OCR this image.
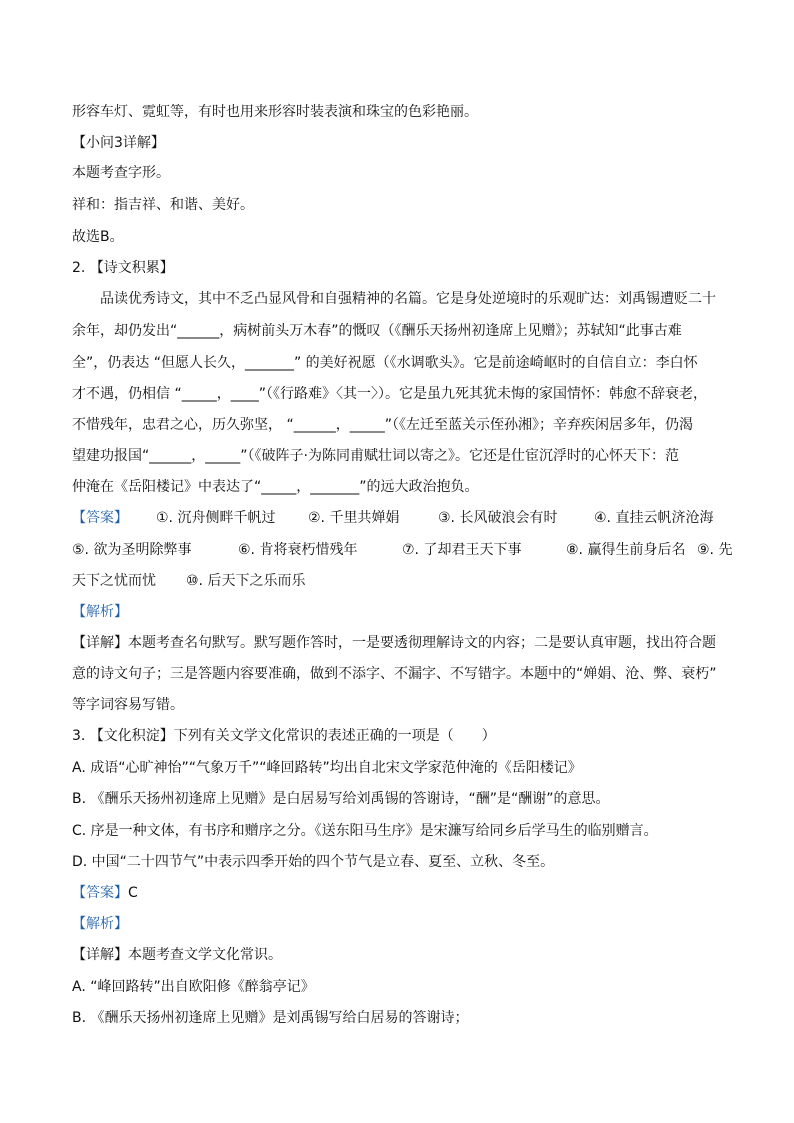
形容车灯、霓虹等，有时也用来形容时装表演和珠宝的色彩艳丽。
【小问3详解】
本题考查字形。
祥和：指吉祥、和谐、美好。
故选B。
2. 【诗文积累】
品读优秀诗文，其中不乏凸显风骨和自强精神的名篇。它是身处逆境时的乐观旷达：刘禹锡遭贬二十
余年，却仍发出“______，病树前头万木春”的慨叹（《酬乐天扬州初逢席上见赠》；苏轼知“此事古难
全”，仍表达 “但愿人长久，_______” 的美好祝愿（《水调歌头》。它是前途崎岖时的自信自立：李白怀
才不遇，仍相信 “_____，____”（《行路难》〈其一〉）。它是虽九死其犹未悔的家国情怀：韩愈不辞衰老，
不惜残年，忠君之心，历久弥坚， “______，_____”（《左迁至蓝关示侄孙湘》；辛弃疾闲居多年，仍渴
望建功报国“______，_____”（《破阵子·为陈同甫赋壮词以寄之》。它还是仕宦沉浮时的心怀天下：范
仲淹在《岳阳楼记》中表达了“_____，_______”的远大政治抱负。
【答案】 ①. 沉舟侧畔千帆过 ②. 千里共婵娟	③. 长风破浪会有时	④. 直挂云帆济沧海
⑤. 欲为圣明除弊事	⑥. 肯将衰朽惜残年	⑦. 了却君王天下事	⑧. 赢得生前身后名 ⑨. 先
天下之忧而忧 ⑩. 后天下之乐而乐
【解析】
【详解】本题考查名句默写。默写题作答时，一是要透彻理解诗文的内容；二是要认真审题，找出符合题
意的诗文句子；三是答题内容要准确，做到不添字、不漏字、不写错字。本题中的“婵娟、沧、弊、衰朽”
等字词容易写错。
3. 【文化积淀】下列有关文学文化常识的表述正确的一项是（　　）
A. 成语“心旷神怡”“气象万千”“峰回路转”均出自北宋文学家范仲淹的《岳阳楼记》
B. 《酬乐天扬州初逢席上见赠》是白居易写给刘禹锡的答谢诗，“酬”是“酬谢”的意思。
C. 序是一种文体，有书序和赠序之分。《送东阳马生序》是宋濂写给同乡后学马生的临别赠言。
D. 中国“二十四节气”中表示四季开始的四个节气是立春、夏至、立秋、冬至。
【答案】C
【解析】
【详解】本题考查文学文化常识。
A. “峰回路转”出自欧阳修《醉翁亭记》
B. 《酬乐天扬州初逢席上见赠》是刘禹锡写给白居易的答谢诗；
